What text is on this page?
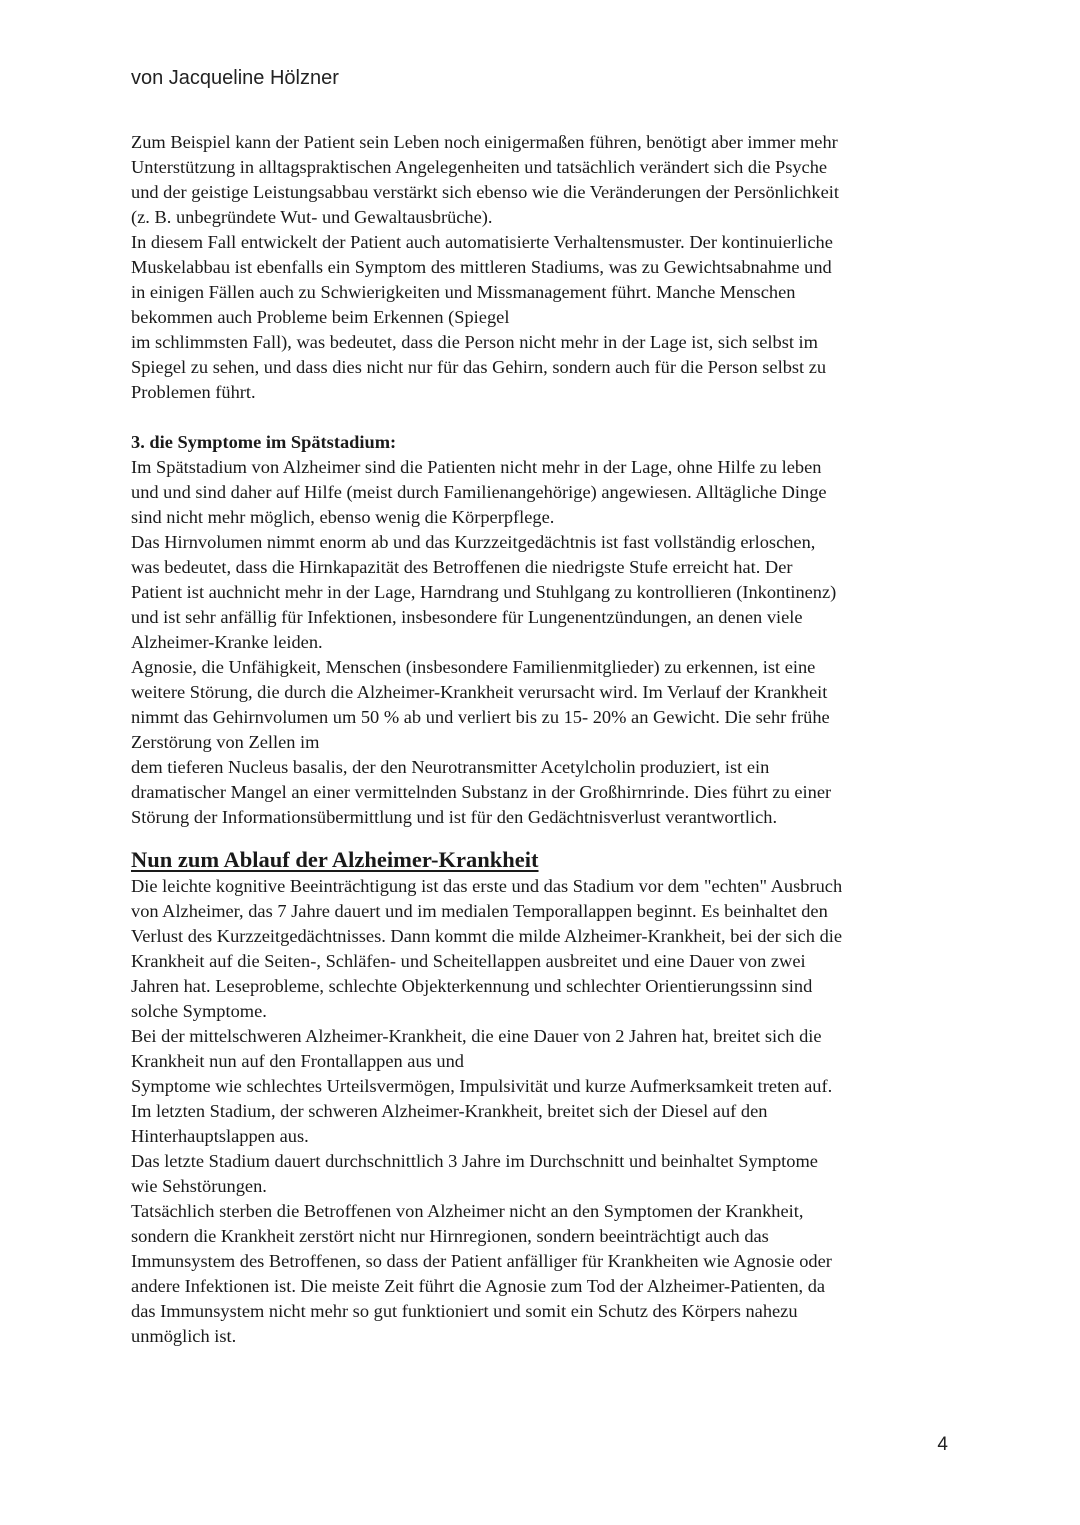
von Jacqueline Hölzner
Zum Beispiel kann der Patient sein Leben noch einigermaßen führen, benötigt aber immer mehr
Unterstützung in alltagspraktischen Angelegenheiten und tatsächlich verändert sich die Psyche
und der geistige Leistungsabbau verstärkt sich ebenso wie die Veränderungen der Persönlichkeit
(z. B. unbegründete Wut- und Gewaltausbrüche).
In diesem Fall entwickelt der Patient auch automatisierte Verhaltensmuster. Der kontinuierliche
Muskelabbau ist ebenfalls ein Symptom des mittleren Stadiums, was zu Gewichtsabnahme und
in einigen Fällen auch zu Schwierigkeiten und Missmanagement führt. Manche Menschen
bekommen auch Probleme beim Erkennen (Spiegel
im schlimmsten Fall), was bedeutet, dass die Person nicht mehr in der Lage ist, sich selbst im
Spiegel zu sehen, und dass dies nicht nur für das Gehirn, sondern auch für die Person selbst zu
Problemen führt.
3. die Symptome im Spätstadium:
Im Spätstadium von Alzheimer sind die Patienten nicht mehr in der Lage, ohne Hilfe zu leben
und und sind daher auf Hilfe (meist durch Familienangehörige) angewiesen. Alltägliche Dinge
sind nicht mehr möglich, ebenso wenig die Körperpflege.
Das Hirnvolumen nimmt enorm ab und das Kurzzeitgedächtnis ist fast vollständig erloschen,
was bedeutet, dass die Hirnkapazität des Betroffenen die niedrigste Stufe erreicht hat. Der
Patient ist auchnicht mehr in der Lage, Harndrang und Stuhlgang zu kontrollieren (Inkontinenz)
und ist sehr anfällig für Infektionen, insbesondere für Lungenentzündungen, an denen viele
Alzheimer-Kranke leiden.
Agnosie, die Unfähigkeit, Menschen (insbesondere Familienmitglieder) zu erkennen, ist eine
weitere Störung, die durch die Alzheimer-Krankheit verursacht wird. Im Verlauf der Krankheit
nimmt das Gehirnvolumen um 50 % ab und verliert bis zu 15- 20% an Gewicht. Die sehr frühe
Zerstörung von Zellen im
dem tieferen Nucleus basalis, der den Neurotransmitter Acetylcholin produziert, ist ein
dramatischer Mangel an einer vermittelnden Substanz in der Großhirnrinde. Dies führt zu einer
Störung der Informationsübermittlung und ist für den Gedächtnisverlust verantwortlich.
Nun zum Ablauf der Alzheimer-Krankheit
Die leichte kognitive Beeinträchtigung ist das erste und das Stadium vor dem "echten" Ausbruch
von Alzheimer, das 7 Jahre dauert und im medialen Temporallappen beginnt. Es beinhaltet den
Verlust des Kurzzeitgedächtnisses. Dann kommt die milde Alzheimer-Krankheit, bei der sich die
Krankheit auf die Seiten-, Schläfen- und Scheitellappen ausbreitet und eine Dauer von zwei
Jahren hat. Leseprobleme, schlechte Objekterkennung und schlechter Orientierungssinn sind
solche Symptome.
Bei der mittelschweren Alzheimer-Krankheit, die eine Dauer von 2 Jahren hat, breitet sich die
Krankheit nun auf den Frontallappen aus und
Symptome wie schlechtes Urteilsvermögen, Impulsivität und kurze Aufmerksamkeit treten auf.
Im letzten Stadium, der schweren Alzheimer-Krankheit, breitet sich der Diesel auf den
Hinterhauptslappen aus.
Das letzte Stadium dauert durchschnittlich 3 Jahre im Durchschnitt und beinhaltet Symptome
wie Sehstörungen.
Tatsächlich sterben die Betroffenen von Alzheimer nicht an den Symptomen der Krankheit,
sondern die Krankheit zerstört nicht nur Hirnregionen, sondern beeinträchtigt auch das
Immunsystem des Betroffenen, so dass der Patient anfälliger für Krankheiten wie Agnosie oder
andere Infektionen ist. Die meiste Zeit führt die Agnosie zum Tod der Alzheimer-Patienten, da
das Immunsystem nicht mehr so gut funktioniert und somit ein Schutz des Körpers nahezu
unmöglich ist.
4
